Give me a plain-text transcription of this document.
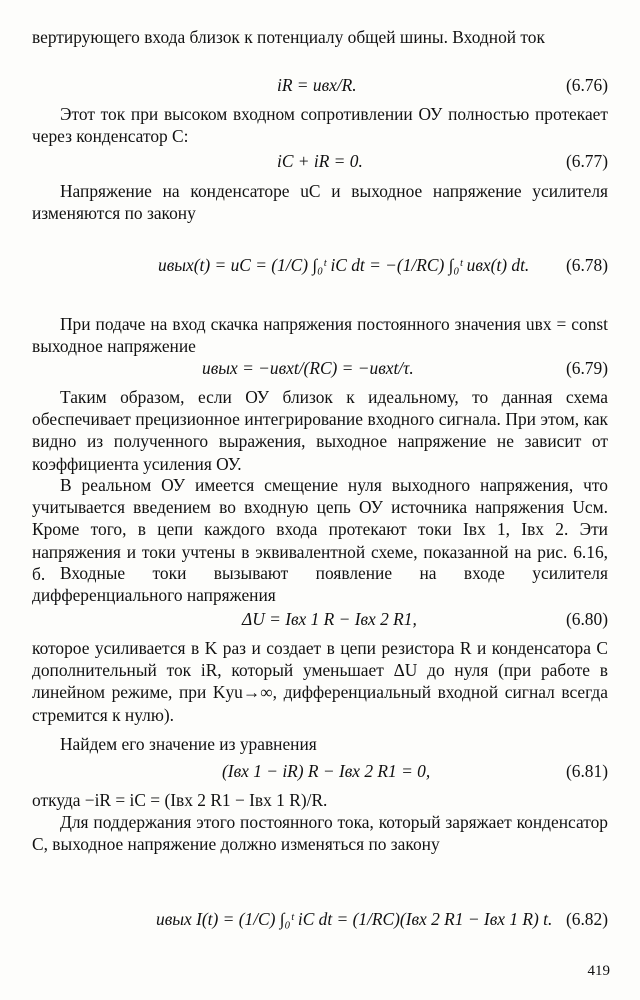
вертирующего входа близок к потенциалу общей шины. Входной ток

iR = uвх/R.	(6.76)

Этот ток при высоком входном сопротивлении ОУ полностью протекает через конденсатор C:

iC + iR = 0.	(6.77)

Напряжение на конденсаторе uC и выходное напряжение усилителя изменяются по закону

uвых(t) = uC = (1/C) ∫₀ᵗ iC dt = −(1/RC) ∫₀ᵗ uвх(t) dt. (6.78)

При подаче на вход скачка напряжения постоянного значения uвх = const выходное напряжение

uвых = −uвхt/(RC) = −uвхt/τ.	(6.79)

Таким образом, если ОУ близок к идеальному, то данная схема обеспечивает прецизионное интегрирование входного сигнала. При этом, как видно из полученного выражения, выходное напряжение не зависит от коэффициента усиления ОУ.

В реальном ОУ имеется смещение нуля выходного напряжения, что учитывается введением во входную цепь ОУ источника напряжения Uсм. Кроме того, в цепи каждого входа протекают токи Iвх 1, Iвх 2. Эти напряжения и токи учтены в эквивалентной схеме, показанной на рис. 6.16, б. Входные токи вызывают появление на входе усилителя дифференциального напряжения

ΔU = Iвх 1 R − Iвх 2 R1,	(6.80)

которое усиливается в K раз и создает в цепи резистора R и конденсатора C дополнительный ток iR, который уменьшает ΔU до нуля (при работе в линейном режиме, при Kyu→∞, дифференциальный входной сигнал всегда стремится к нулю).

Найдем его значение из уравнения

(Iвх 1 − iR) R − Iвх 2 R1 = 0,	(6.81)

откуда −iR = iC = (Iвх 2 R1 − Iвх 1 R)/R.

Для поддержания этого постоянного тока, который заряжает конденсатор C, выходное напряжение должно изменяться по закону

uвых I(t) = (1/C) ∫₀ᵗ iC dt = (1/RC)(Iвх 2 R1 − Iвх 1 R) t. (6.82)
419
